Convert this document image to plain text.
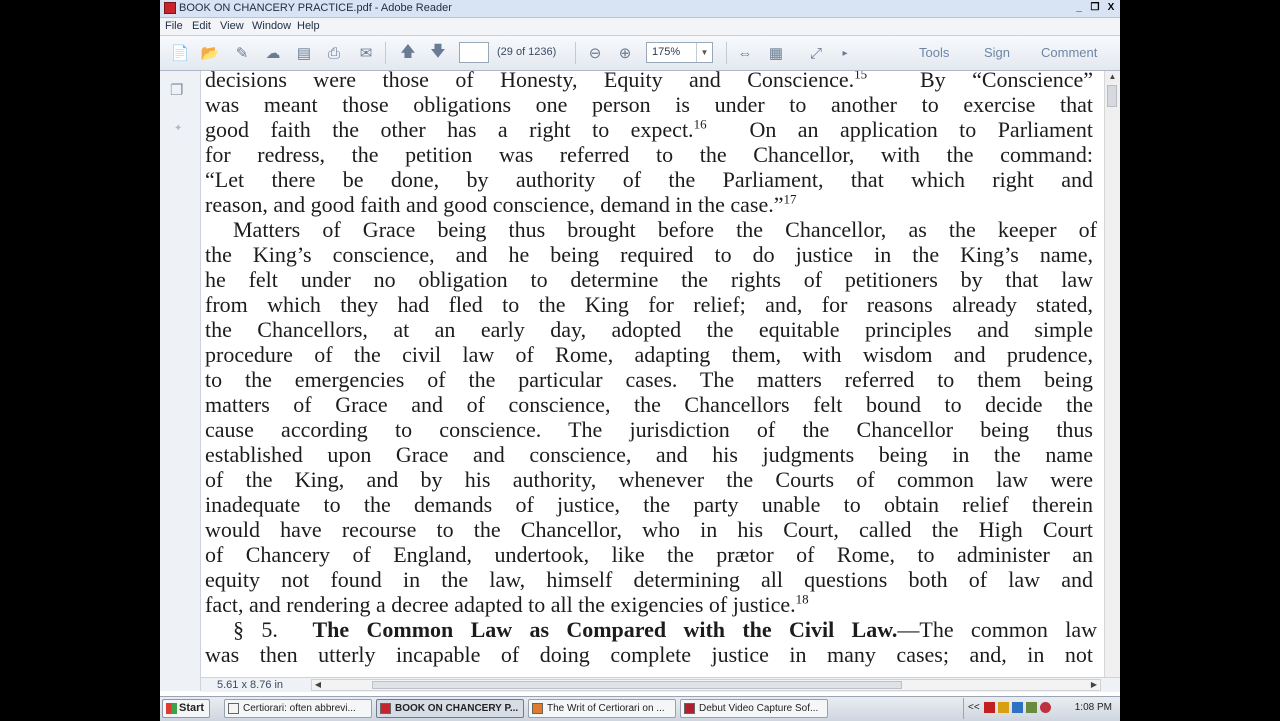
BOOK ON CHANCERY PRACTICE.pdf - Adobe Reader	_ ❐ X
File Edit View Window Help
📄 📂 ✎ ☁ ▤ ⎙ ✉ 🡅 🡇	(29 of 1236) ⊖ ⊕	175%	▼ ⇔ ▦ ⤢	▸	Tools	Sign Comment
❐
✦
decisions were those of Honesty, Equity and Conscience.$^{15}$ By “Conscience”
was meant those obligations one person is under to another to exercise that
good faith the other has a right to expect.$^{16}$ On an application to Parliament
for redress, the petition was referred to the Chancellor, with the command:
“Let there be done, by authority of the Parliament, that which right and
reason, and good faith and good conscience, demand in the case.”$^{17}$
Matters of Grace being thus brought before the Chancellor, as the keeper of
the King’s conscience, and he being required to do justice in the King’s name,
he felt under no obligation to determine the rights of petitioners by that law
from which they had fled to the King for relief; and, for reasons already stated,
the Chancellors, at an early day, adopted the equitable principles and simple
procedure of the civil law of Rome, adapting them, with wisdom and prudence,
to the emergencies of the particular cases. The matters referred to them being
matters of Grace and of conscience, the Chancellors felt bound to decide the
cause according to conscience. The jurisdiction of the Chancellor being thus
established upon Grace and conscience, and his judgments being in the name
of the King, and by his authority, whenever the Courts of common law were
inadequate to the demands of justice, the party unable to obtain relief therein
would have recourse to the Chancellor, who in his Court, called the High Court
of Chancery of England, undertook, like the prætor of Rome, to administer an
equity not found in the law, himself determining all questions both of law and
fact, and rendering a decree adapted to all the exigencies of justice.$^{18}$
§ 5. The Common Law as Compared with the Civil Law.—The common law
was then utterly incapable of doing complete justice in many cases; and, in not
▲
5.61 x 8.76 in	◀	▶
Start	Certiorari: often abbrevi...	BOOK ON CHANCERY P...	The Writ of Certiorari on ...	Debut Video Capture Sof...	<<	1:08 PM
